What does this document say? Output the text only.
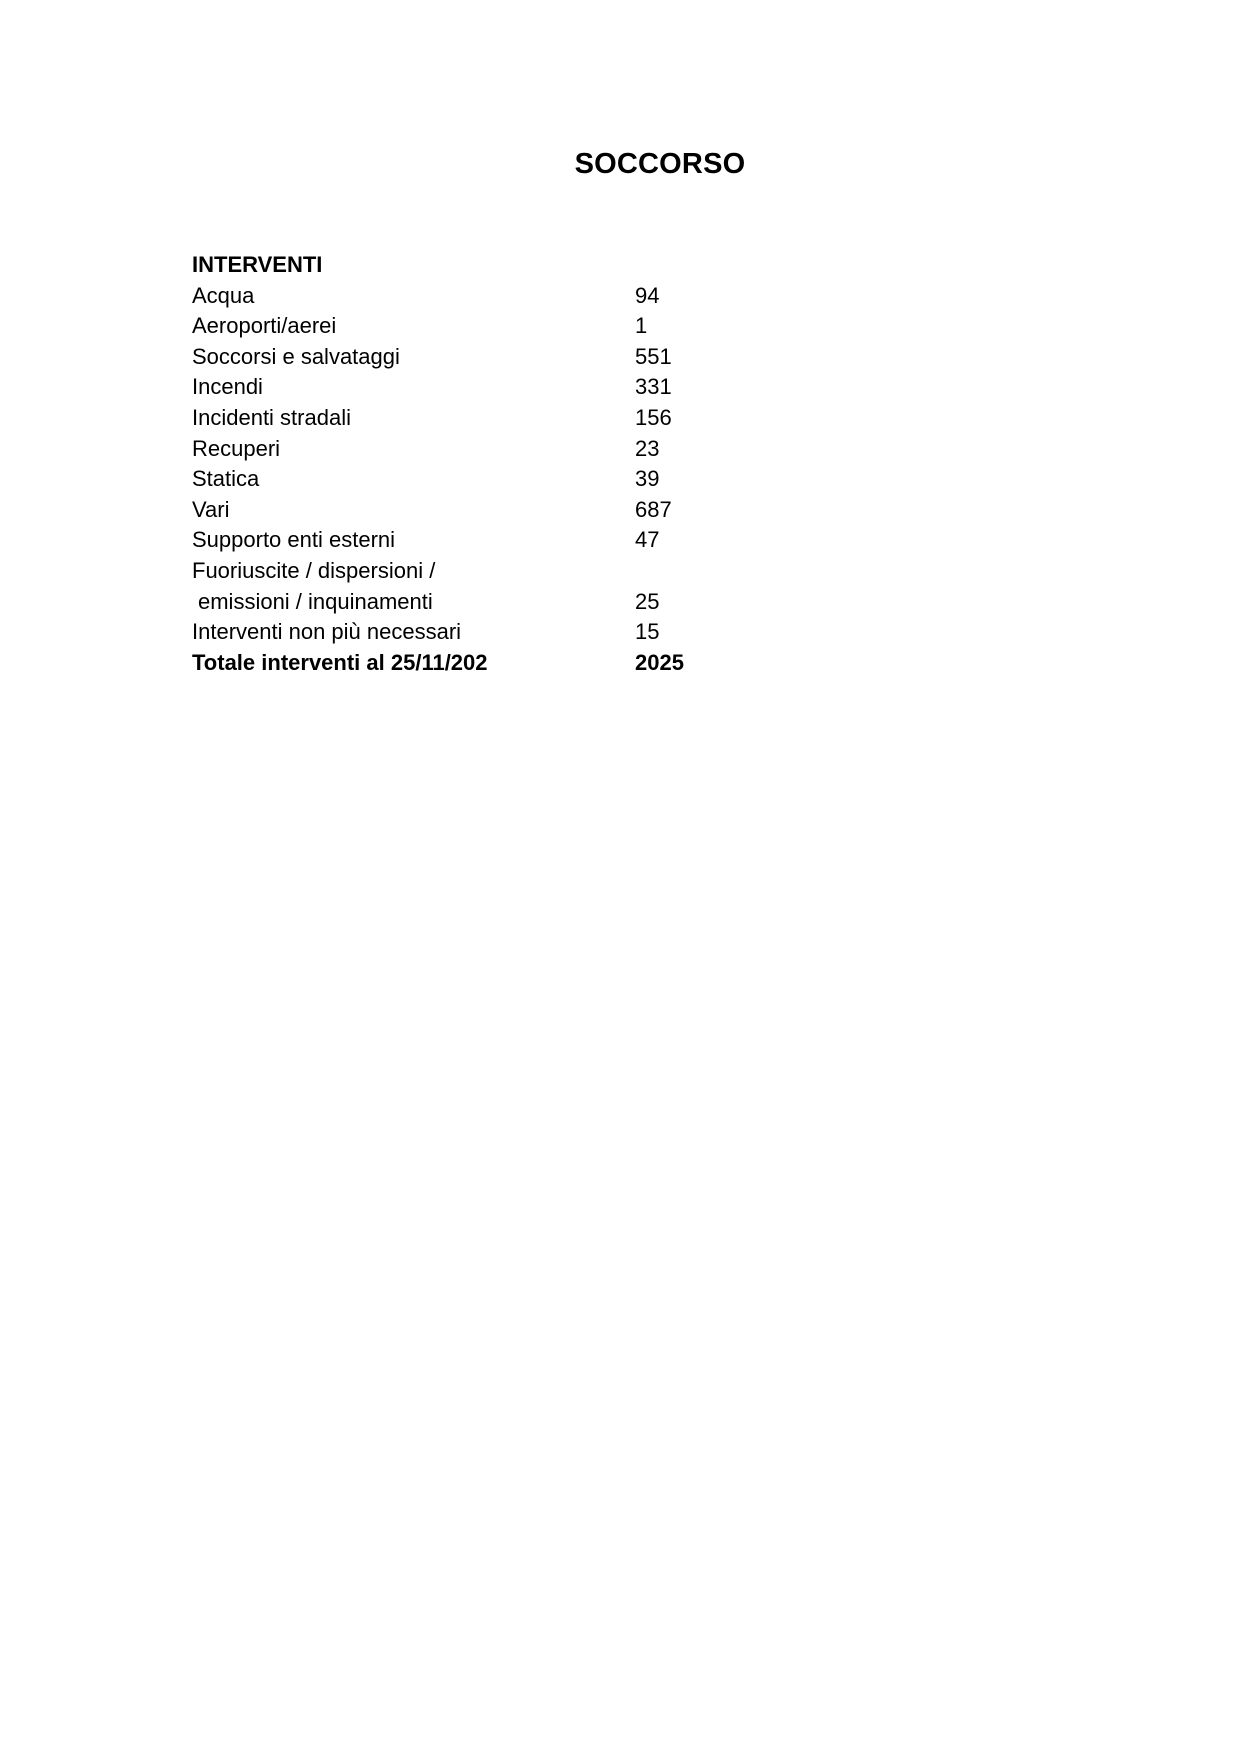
SOCCORSO
INTERVENTI
Acqua	94
Aeroporti/aerei	1
Soccorsi e salvataggi	551
Incendi	331
Incidenti stradali	156
Recuperi	23
Statica	39
Vari	687
Supporto enti esterni	47
Fuoriuscite / dispersioni /
emissioni / inquinamenti	25
Interventi non più necessari	15
Totale interventi al 25/11/202	2025
